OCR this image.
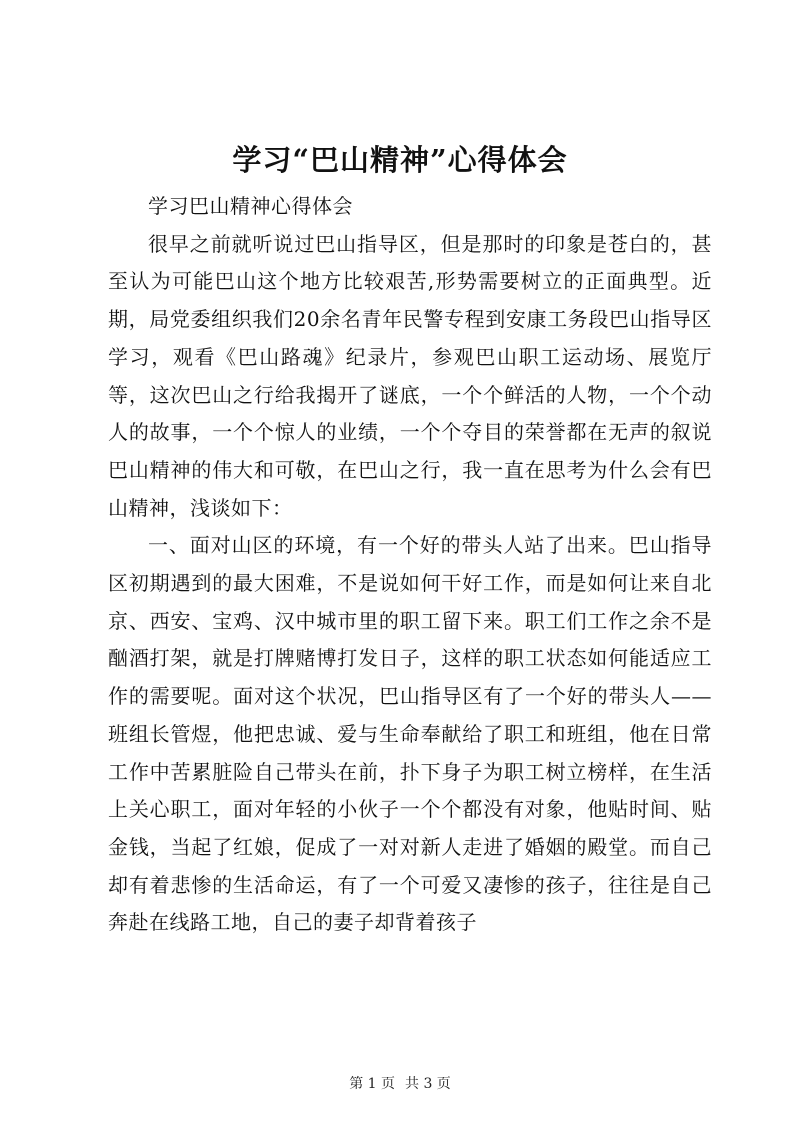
学习“巴山精神”心得体会

学习巴山精神心得体会

很早之前就听说过巴山指导区，但是那时的印象是苍白的，甚至认为可能巴山这个地方比较艰苦,形势需要树立的正面典型。近期，局党委组织我们20余名青年民警专程到安康工务段巴山指导区学习，观看《巴山路魂》纪录片，参观巴山职工运动场、展览厅等，这次巴山之行给我揭开了谜底，一个个鲜活的人物，一个个动人的故事，一个个惊人的业绩，一个个夺目的荣誉都在无声的叙说巴山精神的伟大和可敬，在巴山之行，我一直在思考为什么会有巴山精神，浅谈如下：

一、面对山区的环境，有一个好的带头人站了出来。巴山指导区初期遇到的最大困难，不是说如何干好工作，而是如何让来自北京、西安、宝鸡、汉中城市里的职工留下来。职工们工作之余不是酗酒打架，就是打牌赌博打发日子，这样的职工状态如何能适应工作的需要呢。面对这个状况，巴山指导区有了一个好的带头人——班组长管煜，他把忠诚、爱与生命奉献给了职工和班组，他在日常工作中苦累脏险自己带头在前，扑下身子为职工树立榜样，在生活上关心职工，面对年轻的小伙子一个个都没有对象，他贴时间、贴金钱，当起了红娘，促成了一对对新人走进了婚姻的殿堂。而自己却有着悲惨的生活命运，有了一个可爱又凄惨的孩子，往往是自己奔赴在线路工地，自己的妻子却背着孩子

第 1 页 共 3 页
